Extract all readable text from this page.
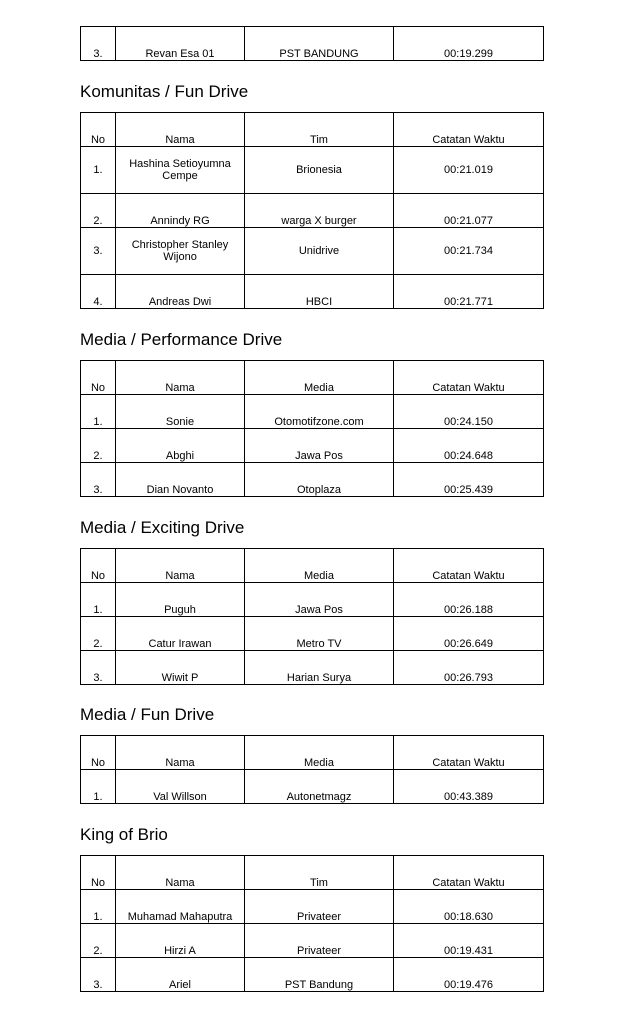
3.	Revan Esa 01	PST BANDUNG	00:19.299
Komunitas / Fun Drive
No	Nama	Tim	Catatan Waktu
1.	Hashina Setioyumna Cempe	Brionesia	00:21.019
2.	Annindy RG	warga X burger	00:21.077
3.	Christopher Stanley Wijono	Unidrive	00:21.734
4.	Andreas Dwi	HBCI	00:21.771
Media / Performance Drive
No	Nama	Media	Catatan Waktu
1.	Sonie	Otomotifzone.com	00:24.150
2.	Abghi	Jawa Pos	00:24.648
3.	Dian Novanto	Otoplaza	00:25.439
Media / Exciting Drive
No	Nama	Media	Catatan Waktu
1.	Puguh	Jawa Pos	00:26.188
2.	Catur Irawan	Metro TV	00:26.649
3.	Wiwit P	Harian Surya	00:26.793
Media / Fun Drive
No	Nama	Media	Catatan Waktu
1.	Val Willson	Autonetmagz	00:43.389
King of Brio
No	Nama	Tim	Catatan Waktu
1.	Muhamad Mahaputra	Privateer	00:18.630
2.	Hirzi A	Privateer	00:19.431
3.	Ariel	PST Bandung	00:19.476
